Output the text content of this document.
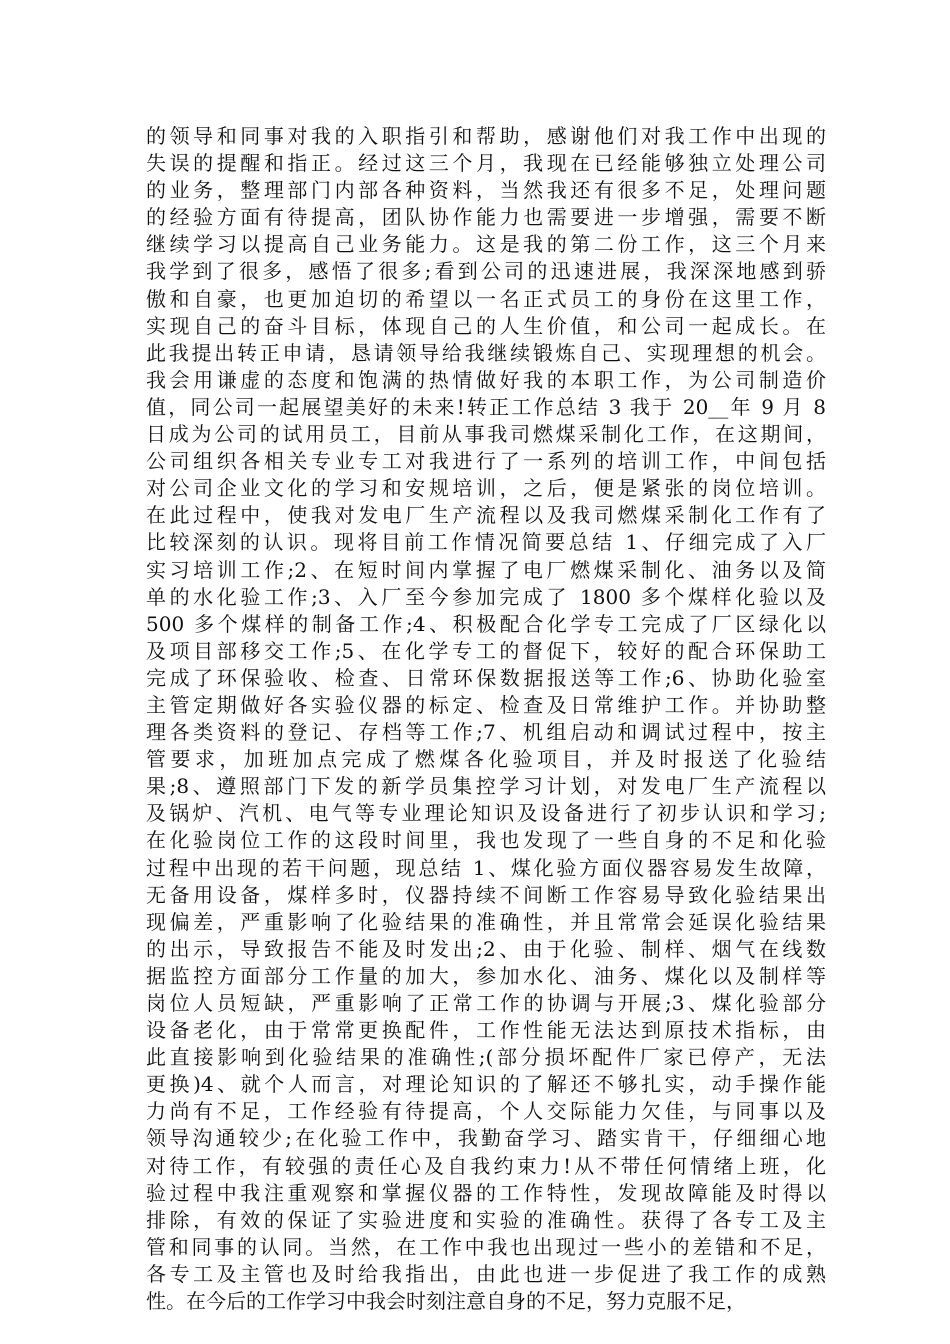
的领导和同事对我的入职指引和帮助，感谢他们对我工作中出现的
失误的提醒和指正。经过这三个月，我现在已经能够独立处理公司
的业务，整理部门内部各种资料，当然我还有很多不足，处理问题
的经验方面有待提高，团队协作能力也需要进一步增强，需要不断
继续学习以提高自己业务能力。这是我的第二份工作，这三个月来
我学到了很多，感悟了很多;看到公司的迅速进展，我深深地感到骄
傲和自豪，也更加迫切的希望以一名正式员工的身份在这里工作，
实现自己的奋斗目标，体现自己的人生价值，和公司一起成长。在
此我提出转正申请，恳请领导给我继续锻炼自己、实现理想的机会。
我会用谦虚的态度和饱满的热情做好我的本职工作，为公司制造价
值，同公司一起展望美好的未来!转正工作总结 3 我于 20__年 9 月 8
日成为公司的试用员工，目前从事我司燃煤采制化工作，在这期间，
公司组织各相关专业专工对我进行了一系列的培训工作，中间包括
对公司企业文化的学习和安规培训，之后，便是紧张的岗位培训。
在此过程中，使我对发电厂生产流程以及我司燃煤采制化工作有了
比较深刻的认识。现将目前工作情况简要总结 1、仔细完成了入厂
实习培训工作;2、在短时间内掌握了电厂燃煤采制化、油务以及简
单的水化验工作;3、入厂至今参加完成了 1800 多个煤样化验以及
500 多个煤样的制备工作;4、积极配合化学专工完成了厂区绿化以
及项目部移交工作;5、在化学专工的督促下，较好的配合环保助工
完成了环保验收、检查、日常环保数据报送等工作;6、协助化验室
主管定期做好各实验仪器的标定、检查及日常维护工作。并协助整
理各类资料的登记、存档等工作;7、机组启动和调试过程中，按主
管要求，加班加点完成了燃煤各化验项目，并及时报送了化验结
果;8、遵照部门下发的新学员集控学习计划，对发电厂生产流程以
及锅炉、汽机、电气等专业理论知识及设备进行了初步认识和学习;
在化验岗位工作的这段时间里，我也发现了一些自身的不足和化验
过程中出现的若干问题，现总结 1、煤化验方面仪器容易发生故障，
无备用设备，煤样多时，仪器持续不间断工作容易导致化验结果出
现偏差，严重影响了化验结果的准确性，并且常常会延误化验结果
的出示，导致报告不能及时发出;2、由于化验、制样、烟气在线数
据监控方面部分工作量的加大，参加水化、油务、煤化以及制样等
岗位人员短缺，严重影响了正常工作的协调与开展;3、煤化验部分
设备老化，由于常常更换配件，工作性能无法达到原技术指标，由
此直接影响到化验结果的准确性;(部分损坏配件厂家已停产，无法
更换)4、就个人而言，对理论知识的了解还不够扎实，动手操作能
力尚有不足，工作经验有待提高，个人交际能力欠佳，与同事以及
领导沟通较少;在化验工作中，我勤奋学习、踏实肯干，仔细细心地
对待工作，有较强的责任心及自我约束力!从不带任何情绪上班，化
验过程中我注重观察和掌握仪器的工作特性，发现故障能及时得以
排除，有效的保证了实验进度和实验的准确性。获得了各专工及主
管和同事的认同。当然，在工作中我也出现过一些小的差错和不足，
各专工及主管也及时给我指出，由此也进一步促进了我工作的成熟
性。在今后的工作学习中我会时刻注意自身的不足，努力克服不足，
